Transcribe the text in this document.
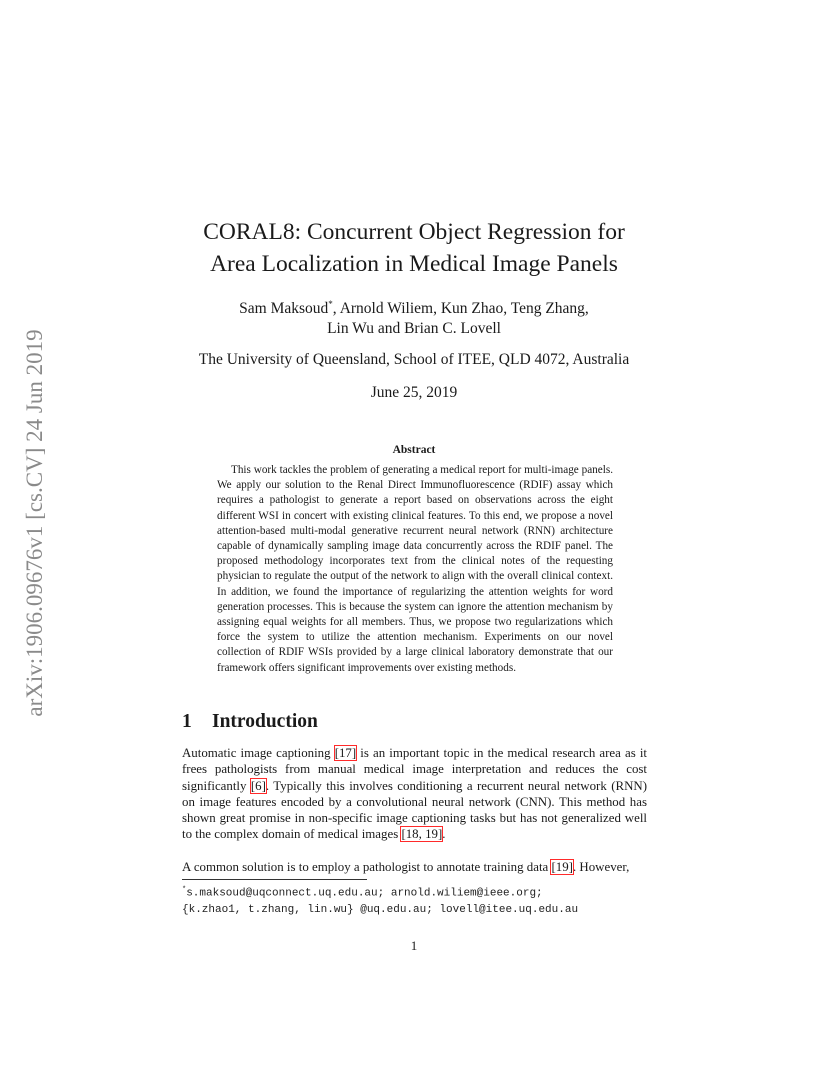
arXiv:1906.09676v1 [cs.CV] 24 Jun 2019
CORAL8: Concurrent Object Regression for
Area Localization in Medical Image Panels
Sam Maksoud*, Arnold Wiliem, Kun Zhao, Teng Zhang,
Lin Wu and Brian C. Lovell
The University of Queensland, School of ITEE, QLD 4072, Australia
June 25, 2019
Abstract

This work tackles the problem of generating a medical report for multi-image panels. We apply our solution to the Renal Direct Immunofluorescence (RDIF) assay which requires a pathologist to generate a report based on observations across the eight different WSI in concert with existing clinical features. To this end, we propose a novel attention-based multi-modal generative recurrent neural network (RNN) architecture capable of dynamically sampling image data concurrently across the RDIF panel. The proposed methodology incorporates text from the clinical notes of the requesting physician to regulate the output of the network to align with the overall clinical context. In addition, we found the importance of regularizing the attention weights for word generation processes. This is because the system can ignore the attention mechanism by assigning equal weights for all members. Thus, we propose two regularizations which force the system to utilize the attention mechanism. Experiments on our novel collection of RDIF WSIs provided by a large clinical laboratory demonstrate that our framework offers significant improvements over existing methods.

1 Introduction

Automatic image captioning [17] is an important topic in the medical research area as it frees pathologists from manual medical image interpretation and reduces the cost significantly [6]. Typically this involves conditioning a recurrent neural network (RNN) on image features encoded by a convolutional neural network (CNN). This method has shown great promise in non-specific image captioning tasks but has not generalized well to the complex domain of medical images [18, 19].

A common solution is to employ a pathologist to annotate training data [19]. However,

*s.maksoud@uqconnect.uq.edu.au; arnold.wiliem@ieee.org;
{k.zhao1, t.zhang, lin.wu} @uq.edu.au; lovell@itee.uq.edu.au
1
